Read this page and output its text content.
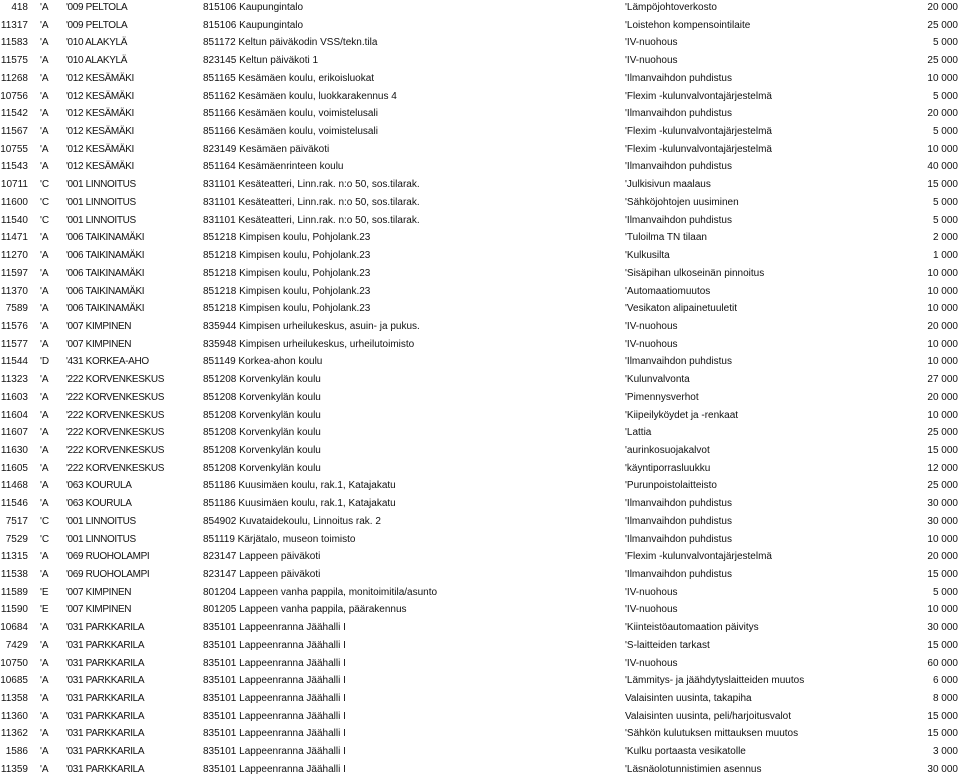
418 'A	'009 PELTOLA	815106 Kaupungintalo	'Lämpöjohtoverkosto	20 000
11317 'A	'009 PELTOLA	815106 Kaupungintalo	'Loistehon kompensointilaite	25 000
11583 'A	'010 ALAKYLÄ	851172 Keltun päiväkodin VSS/tekn.tila	'IV-nuohous	5 000
11575 'A	'010 ALAKYLÄ	823145 Keltun päiväkoti 1	'IV-nuohous	25 000
11268 'A	'012 KESÄMÄKI	851165 Kesämäen koulu, erikoisluokat	'Ilmanvaihdon puhdistus	10 000
10756 'A	'012 KESÄMÄKI	851162 Kesämäen koulu, luokkarakennus 4	'Flexim -kulunvalvontajärjestelmä	5 000
11542 'A	'012 KESÄMÄKI	851166 Kesämäen koulu, voimistelusali	'Ilmanvaihdon puhdistus	20 000
11567 'A	'012 KESÄMÄKI	851166 Kesämäen koulu, voimistelusali	'Flexim -kulunvalvontajärjestelmä	5 000
10755 'A	'012 KESÄMÄKI	823149 Kesämäen päiväkoti	'Flexim -kulunvalvontajärjestelmä	10 000
11543 'A	'012 KESÄMÄKI	851164 Kesämäenrinteen koulu	'Ilmanvaihdon puhdistus	40 000
10711 'C	'001 LINNOITUS	831101 Kesäteatteri, Linn.rak. n:o 50, sos.tilarak.	'Julkisivun maalaus	15 000
11600 'C	'001 LINNOITUS	831101 Kesäteatteri, Linn.rak. n:o 50, sos.tilarak.	'Sähköjohtojen uusiminen	5 000
11540 'C	'001 LINNOITUS	831101 Kesäteatteri, Linn.rak. n:o 50, sos.tilarak.	'Ilmanvaihdon puhdistus	5 000
11471 'A	'006 TAIKINAMÄKI	851218 Kimpisen koulu, Pohjolank.23	'Tuloilma TN tilaan	2 000
11270 'A	'006 TAIKINAMÄKI	851218 Kimpisen koulu, Pohjolank.23	'Kulkusilta	1 000
11597 'A	'006 TAIKINAMÄKI	851218 Kimpisen koulu, Pohjolank.23	'Sisäpihan ulkoseinän pinnoitus	10 000
11370 'A	'006 TAIKINAMÄKI	851218 Kimpisen koulu, Pohjolank.23	'Automaatiomuutos	10 000
7589 'A	'006 TAIKINAMÄKI	851218 Kimpisen koulu, Pohjolank.23	'Vesikaton alipainetuuletit	10 000
11576 'A	'007 KIMPINEN	835944 Kimpisen urheilukeskus, asuin- ja pukus.	'IV-nuohous	20 000
11577 'A	'007 KIMPINEN	835948 Kimpisen urheilukeskus, urheilutoimisto	'IV-nuohous	10 000
11544 'D	'431 KORKEA-AHO	851149 Korkea-ahon koulu	'Ilmanvaihdon puhdistus	10 000
11323 'A	'222 KORVENKESKUS	851208 Korvenkylän koulu	'Kulunvalvonta	27 000
11603 'A	'222 KORVENKESKUS	851208 Korvenkylän koulu	'Pimennysverhot	20 000
11604 'A	'222 KORVENKESKUS	851208 Korvenkylän koulu	'Kiipeilyköydet ja -renkaat	10 000
11607 'A	'222 KORVENKESKUS	851208 Korvenkylän koulu	'Lattia	25 000
11630 'A	'222 KORVENKESKUS	851208 Korvenkylän koulu	'aurinkosuojakalvot	15 000
11605 'A	'222 KORVENKESKUS	851208 Korvenkylän koulu	'käyntiporrasluukku	12 000
11468 'A	'063 KOURULA	851186 Kuusimäen koulu, rak.1, Katajakatu	'Purunpoistolaitteisto	25 000
11546 'A	'063 KOURULA	851186 Kuusimäen koulu, rak.1, Katajakatu	'Ilmanvaihdon puhdistus	30 000
7517 'C	'001 LINNOITUS	854902 Kuvataidekoulu, Linnoitus rak. 2	'Ilmanvaihdon puhdistus	30 000
7529 'C	'001 LINNOITUS	851119 Kärjätalo, museon toimisto	'Ilmanvaihdon puhdistus	10 000
11315 'A	'069 RUOHOLAMPI	823147 Lappeen päiväkoti	'Flexim -kulunvalvontajärjestelmä	20 000
11538 'A	'069 RUOHOLAMPI	823147 Lappeen päiväkoti	'Ilmanvaihdon puhdistus	15 000
11589 'E	'007 KIMPINEN	801204 Lappeen vanha pappila, monitoimitila/asunto	'IV-nuohous	5 000
11590 'E	'007 KIMPINEN	801205 Lappeen vanha pappila, päärakennus	'IV-nuohous	10 000
10684 'A	'031 PARKKARILA	835101 Lappeenranna Jäähalli I	'Kiinteistöautomaation päivitys	30 000
7429 'A	'031 PARKKARILA	835101 Lappeenranna Jäähalli I	'S-laitteiden tarkast	15 000
10750 'A	'031 PARKKARILA	835101 Lappeenranna Jäähalli I	'IV-nuohous	60 000
10685 'A	'031 PARKKARILA	835101 Lappeenranna Jäähalli I	'Lämmitys- ja jäähdytyslaitteiden muutos	6 000
11358 'A	'031 PARKKARILA	835101 Lappeenranna Jäähalli I	Valaisinten uusinta, takapiha	8 000
11360 'A	'031 PARKKARILA	835101 Lappeenranna Jäähalli I	Valaisinten uusinta, peli/harjoitusvalot	15 000
11362 'A	'031 PARKKARILA	835101 Lappeenranna Jäähalli I	'Sähkön kulutuksen mittauksen muutos	15 000
1586 'A	'031 PARKKARILA	835101 Lappeenranna Jäähalli I	'Kulku portaasta vesikatolle	3 000
11359 'A	'031 PARKKARILA	835101 Lappeenranna Jäähalli I	'Läsnäolotunnistimien asennus	30 000
